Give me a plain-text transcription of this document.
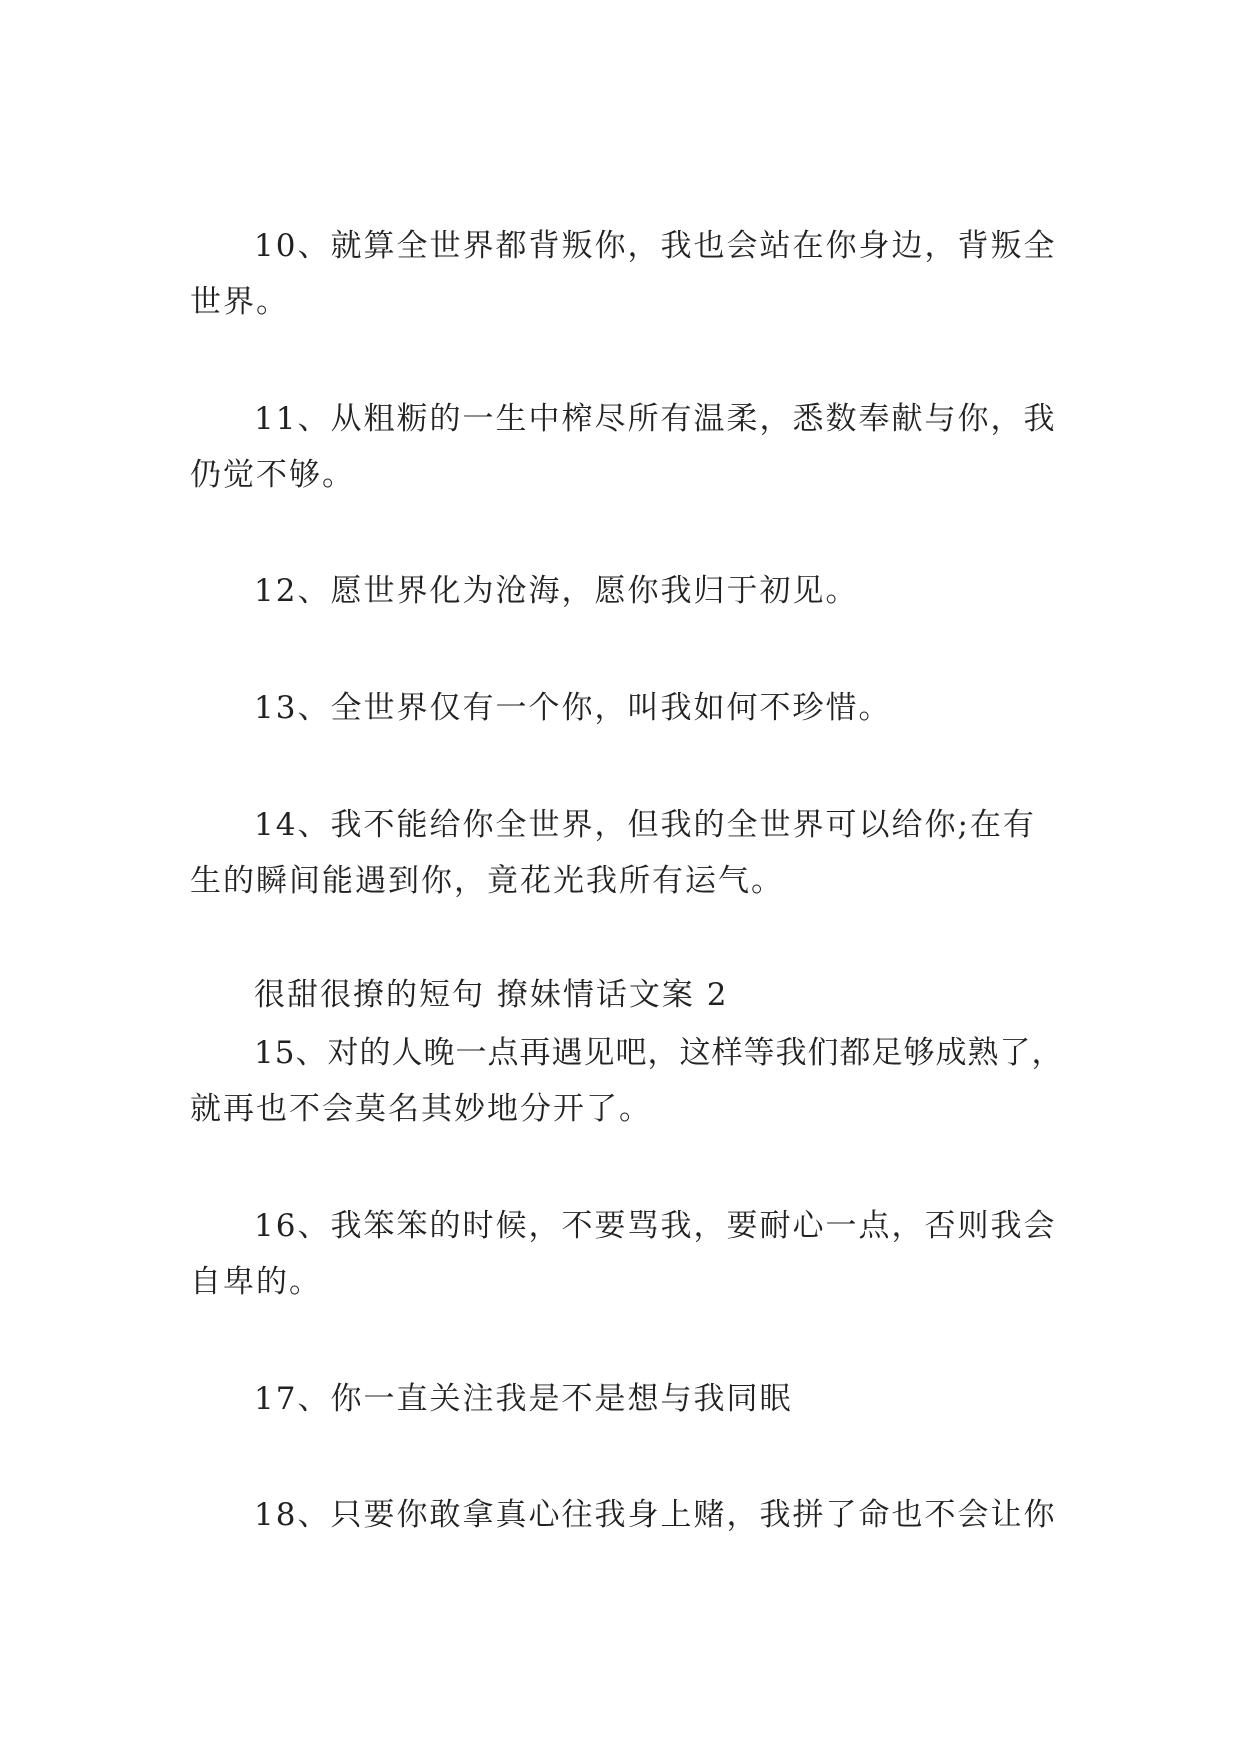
10、就算全世界都背叛你，我也会站在你身边，背叛全
世界。
11、从粗粝的一生中榨尽所有温柔，悉数奉献与你，我
仍觉不够。
12、愿世界化为沧海，愿你我归于初见。
13、全世界仅有一个你，叫我如何不珍惜。
14、我不能给你全世界，但我的全世界可以给你;在有
生的瞬间能遇到你，竟花光我所有运气。
很甜很撩的短句 撩妹情话文案 2
15、对的人晚一点再遇见吧，这样等我们都足够成熟了，
就再也不会莫名其妙地分开了。
16、我笨笨的时候，不要骂我，要耐心一点，否则我会
自卑的。
17、你一直关注我是不是想与我同眠
18、只要你敢拿真心往我身上赌，我拼了命也不会让你
